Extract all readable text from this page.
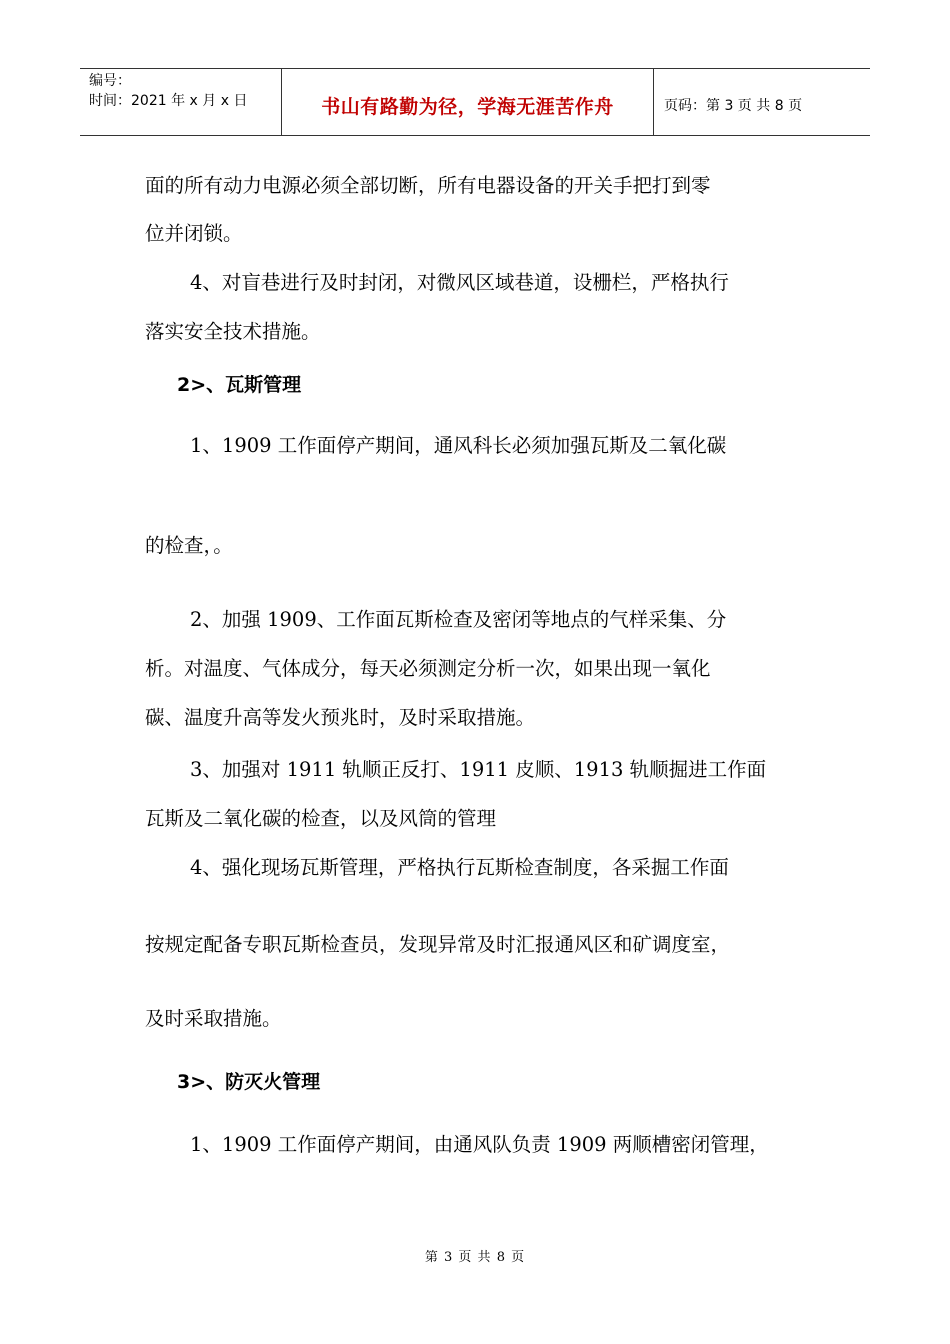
编号：
时间：2021 年 x 月 x 日	书山有路勤为径，学海无涯苦作舟	页码：第 3 页 共 8 页
面的所有动力电源必须全部切断，所有电器设备的开关手把打到零
位并闭锁。
4、对盲巷进行及时封闭，对微风区域巷道，设栅栏，严格执行
落实安全技术措施。
2>、瓦斯管理
1、1909 工作面停产期间，通风科长必须加强瓦斯及二氧化碳
的检查，。
2、加强 1909、工作面瓦斯检查及密闭等地点的气样采集、分
析。对温度、气体成分，每天必须测定分析一次，如果出现一氧化
碳、温度升高等发火预兆时，及时采取措施。
3、加强对 1911 轨顺正反打、1911 皮顺、1913 轨顺掘进工作面
瓦斯及二氧化碳的检查，以及风筒的管理
4、强化现场瓦斯管理，严格执行瓦斯检查制度，各采掘工作面
按规定配备专职瓦斯检查员，发现异常及时汇报通风区和矿调度室，
及时采取措施。
3>、防灭火管理
1、1909 工作面停产期间，由通风队负责 1909 两顺槽密闭管理，
第 3 页 共 8 页
